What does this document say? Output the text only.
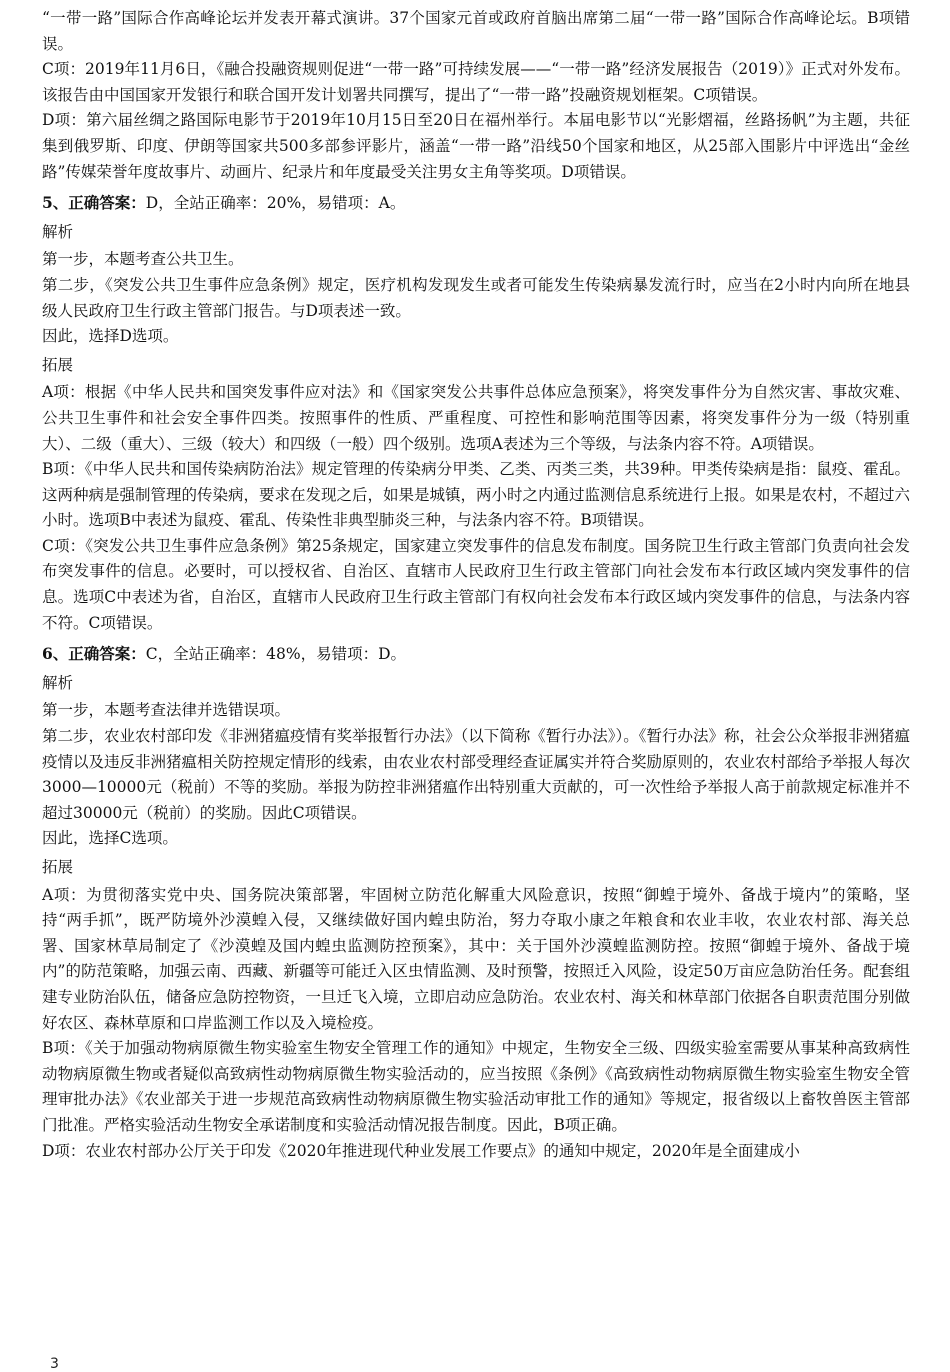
“一带一路”国际合作高峰论坛并发表开幕式演讲。37个国家元首或政府首脑出席第二届“一带一路”国际合作高峰论坛。B项错误。

C项：2019年11月6日，《融合投融资规则促进“一带一路”可持续发展——“一带一路”经济发展报告（2019）》正式对外发布。该报告由中国国家开发银行和联合国开发计划署共同撰写，提出了“一带一路”投融资规划框架。C项错误。

D项：第六届丝绸之路国际电影节于2019年10月15日至20日在福州举行。本届电影节以“光影熠福，丝路扬帆”为主题，共征集到俄罗斯、印度、伊朗等国家共500多部参评影片，涵盖“一带一路”沿线50个国家和地区，从25部入围影片中评选出“金丝路”传媒荣誉年度故事片、动画片、纪录片和年度最受关注男女主角等奖项。D项错误。

5、正确答案：D，全站正确率：20%，易错项：A。

解析

第一步，本题考查公共卫生。

第二步，《突发公共卫生事件应急条例》规定，医疗机构发现发生或者可能发生传染病暴发流行时，应当在2小时内向所在地县级人民政府卫生行政主管部门报告。与D项表述一致。

因此，选择D选项。

拓展

A项：根据《中华人民共和国突发事件应对法》和《国家突发公共事件总体应急预案》，将突发事件分为自然灾害、事故灾难、公共卫生事件和社会安全事件四类。按照事件的性质、严重程度、可控性和影响范围等因素，将突发事件分为一级（特别重大）、二级（重大）、三级（较大）和四级（一般）四个级别。选项A表述为三个等级，与法条内容不符。A项错误。

B项：《中华人民共和国传染病防治法》规定管理的传染病分甲类、乙类、丙类三类，共39种。甲类传染病是指：鼠疫、霍乱。这两种病是强制管理的传染病，要求在发现之后，如果是城镇，两小时之内通过监测信息系统进行上报。如果是农村，不超过六小时。选项B中表述为鼠疫、霍乱、传染性非典型肺炎三种，与法条内容不符。B项错误。

C项：《突发公共卫生事件应急条例》第25条规定，国家建立突发事件的信息发布制度。国务院卫生行政主管部门负责向社会发布突发事件的信息。必要时，可以授权省、自治区、直辖市人民政府卫生行政主管部门向社会发布本行政区域内突发事件的信息。选项C中表述为省，自治区，直辖市人民政府卫生行政主管部门有权向社会发布本行政区域内突发事件的信息，与法条内容不符。C项错误。

6、正确答案：C，全站正确率：48%，易错项：D。

解析

第一步，本题考查法律并选错误项。

第二步，农业农村部印发《非洲猪瘟疫情有奖举报暂行办法》（以下简称《暂行办法》）。《暂行办法》称，社会公众举报非洲猪瘟疫情以及违反非洲猪瘟相关防控规定情形的线索，由农业农村部受理经查证属实并符合奖励原则的，农业农村部给予举报人每次3000—10000元（税前）不等的奖励。举报为防控非洲猪瘟作出特别重大贡献的，可一次性给予举报人高于前款规定标准并不超过30000元（税前）的奖励。因此C项错误。

因此，选择C选项。

拓展

A项：为贯彻落实党中央、国务院决策部署，牢固树立防范化解重大风险意识，按照“御蝗于境外、备战于境内”的策略，坚持“两手抓”，既严防境外沙漠蝗入侵，又继续做好国内蝗虫防治，努力夺取小康之年粮食和农业丰收，农业农村部、海关总署、国家林草局制定了《沙漠蝗及国内蝗虫监测防控预案》，其中：关于国外沙漠蝗监测防控。按照“御蝗于境外、备战于境内”的防范策略，加强云南、西藏、新疆等可能迁入区虫情监测、及时预警，按照迁入风险，设定50万亩应急防治任务。配套组建专业防治队伍，储备应急防控物资，一旦迁飞入境，立即启动应急防治。农业农村、海关和林草部门依据各自职责范围分别做好农区、森林草原和口岸监测工作以及入境检疫。

B项：《关于加强动物病原微生物实验室生物安全管理工作的通知》中规定，生物安全三级、四级实验室需要从事某种高致病性动物病原微生物或者疑似高致病性动物病原微生物实验活动的，应当按照《条例》《高致病性动物病原微生物实验室生物安全管理审批办法》《农业部关于进一步规范高致病性动物病原微生物实验活动审批工作的通知》等规定，报省级以上畜牧兽医主管部门批准。严格实验活动生物安全承诺制度和实验活动情况报告制度。因此，B项正确。

D项：农业农村部办公厅关于印发《2020年推进现代种业发展工作要点》的通知中规定，2020年是全面建成小

3
